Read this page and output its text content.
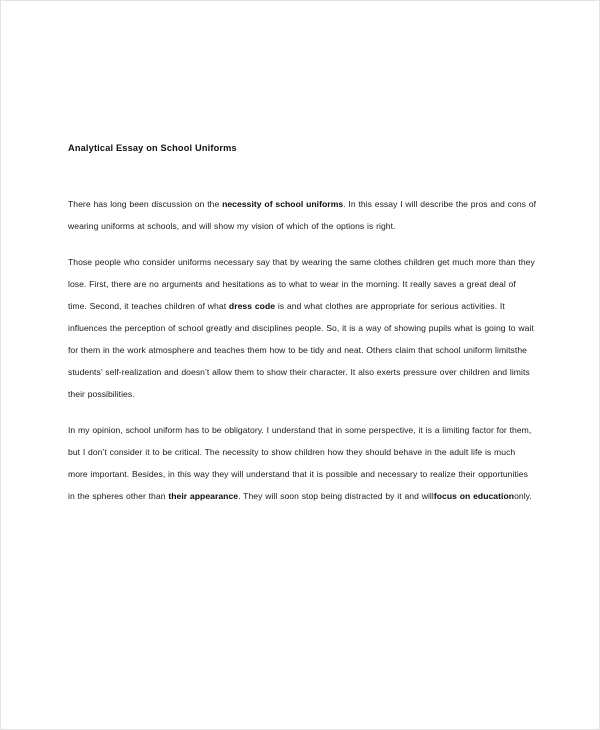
Analytical Essay on School Uniforms

There has long been discussion on the necessity of school uniforms. In this essay I will describe the pros and cons of wearing uniforms at schools, and will show my vision of which of the options is right.

Those people who consider uniforms necessary say that by wearing the same clothes children get much more than they lose. First, there are no arguments and hesitations as to what to wear in the morning. It really saves a great deal of time. Second, it teaches children of what dress code is and what clothes are appropriate for serious activities. It influences the perception of school greatly and disciplines people. So, it is a way of showing pupils what is going to wait for them in the work atmosphere and teaches them how to be tidy and neat. Others claim that school uniform limitsthe students’ self-realization and doesn’t allow them to show their character. It also exerts pressure over children and limits their possibilities.

In my opinion, school uniform has to be obligatory. I understand that in some perspective, it is a limiting factor for them, but I don’t consider it to be critical. The necessity to show children how they should behave in the adult life is much more important. Besides, in this way they will understand that it is possible and necessary to realize their opportunities in the spheres other than their appearance. They will soon stop being distracted by it and willfocus on educationonly.
